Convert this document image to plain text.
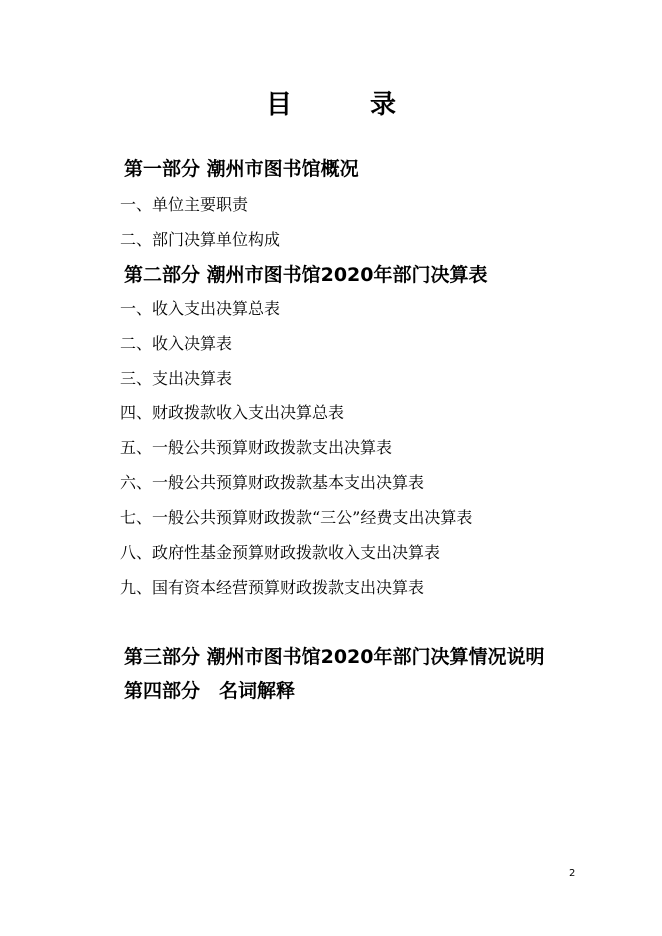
目	录
第一部分 潮州市图书馆概况
一、单位主要职责
二、部门决算单位构成
第二部分 潮州市图书馆2020年部门决算表
一、收入支出决算总表
二、收入决算表
三、支出决算表
四、财政拨款收入支出决算总表
五、一般公共预算财政拨款支出决算表
六、一般公共预算财政拨款基本支出决算表
七、一般公共预算财政拨款“三公”经费支出决算表
八、政府性基金预算财政拨款收入支出决算表
九、国有资本经营预算财政拨款支出决算表
第三部分 潮州市图书馆2020年部门决算情况说明
第四部分　名词解释
2
